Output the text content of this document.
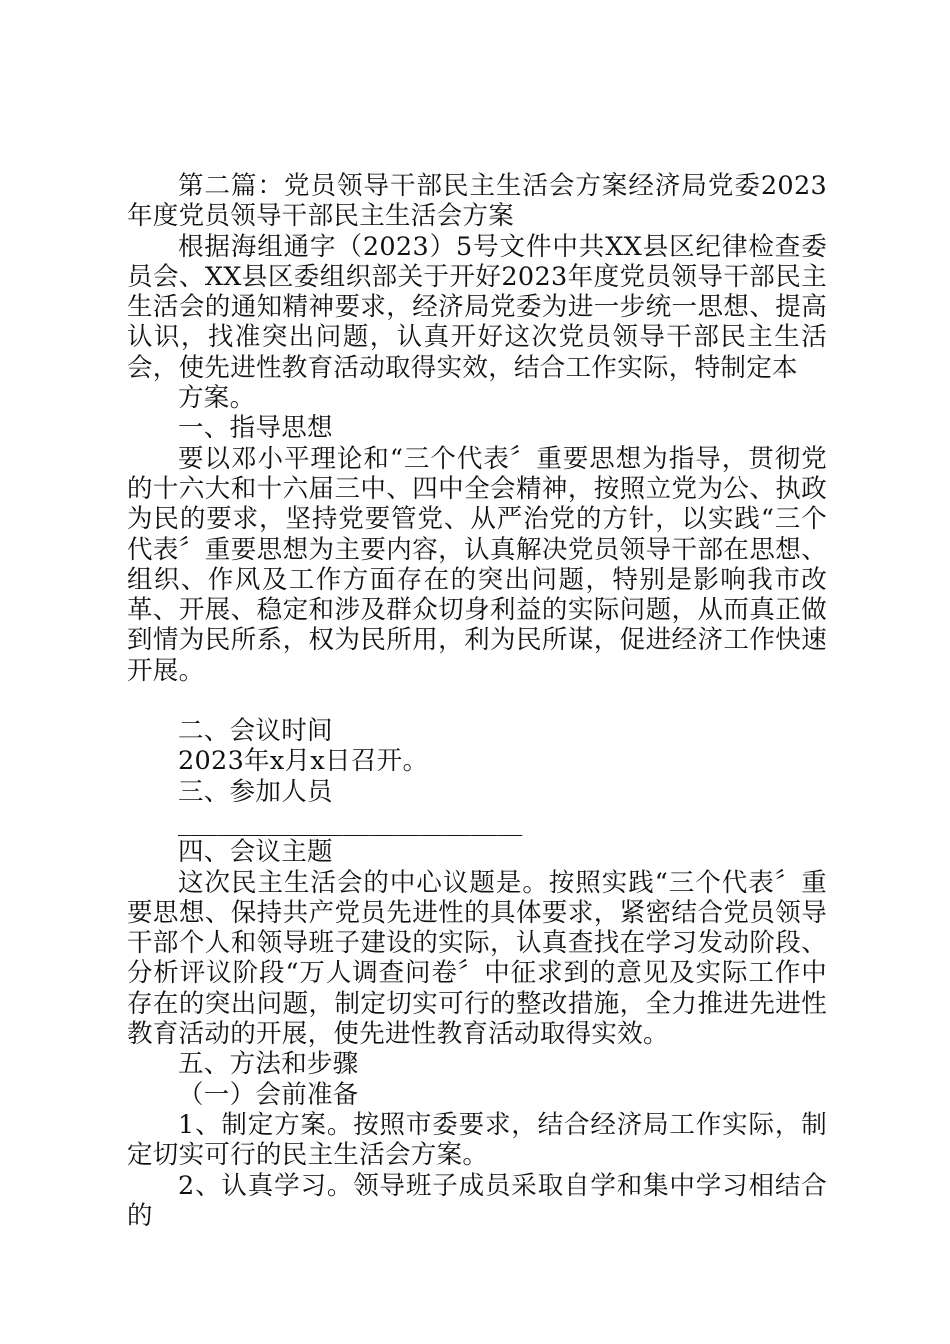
第二篇：党员领导干部民主生活会方案经济局党委2023年度党员领导干部民主生活会方案

根据海组通字（2023）5号文件中共XX县区纪律检查委员会、XX县区委组织部关于开好2023年度党员领导干部民主生活会的通知精神要求，经济局党委为进一步统一思想、提高认识，找准突出问题，认真开好这次党员领导干部民主生活会，使先进性教育活动取得实效，结合工作实际，特制定本

方案。

一、指导思想

要以邓小平理论和“三个代表〞重要思想为指导，贯彻党的十六大和十六届三中、四中全会精神，按照立党为公、执政为民的要求，坚持党要管党、从严治党的方针，以实践“三个代表〞重要思想为主要内容，认真解决党员领导干部在思想、组织、作风及工作方面存在的突出问题，特别是影响我市改革、开展、稳定和涉及群众切身利益的实际问题，从而真正做到情为民所系，权为民所用，利为民所谋，促进经济工作快速开展。

二、会议时间

2023年x月x日召开。

三、参加人员

___________________________

四、会议主题

这次民主生活会的中心议题是。按照实践“三个代表〞重要思想、保持共产党员先进性的具体要求，紧密结合党员领导干部个人和领导班子建设的实际，认真查找在学习发动阶段、分析评议阶段“万人调查问卷〞中征求到的意见及实际工作中存在的突出问题，制定切实可行的整改措施，全力推进先进性教育活动的开展，使先进性教育活动取得实效。

五、方法和步骤

（一）会前准备

1、制定方案。按照市委要求，结合经济局工作实际，制定切实可行的民主生活会方案。

2、认真学习。领导班子成员采取自学和集中学习相结合的
